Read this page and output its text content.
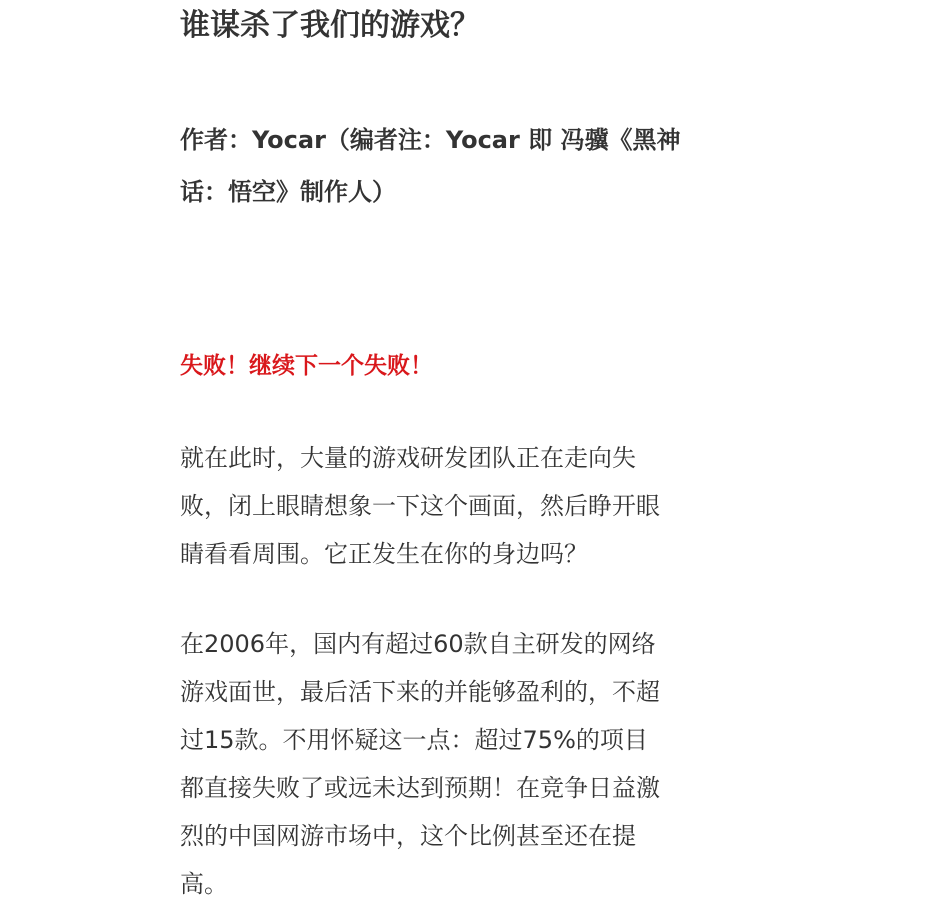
谁谋杀了我们的游戏？

作者：Yocar（编者注：Yocar 即 冯骥《黑神
话：悟空》制作人）

失败！继续下一个失败！

就在此时，大量的游戏研发团队正在走向失
败，闭上眼睛想象一下这个画面，然后睁开眼
睛看看周围。它正发生在你的身边吗？

在2006年，国内有超过60款自主研发的网络
游戏面世，最后活下来的并能够盈利的，不超
过15款。不用怀疑这一点：超过75%的项目
都直接失败了或远未达到预期！在竞争日益激
烈的中国网游市场中，这个比例甚至还在提
高。
